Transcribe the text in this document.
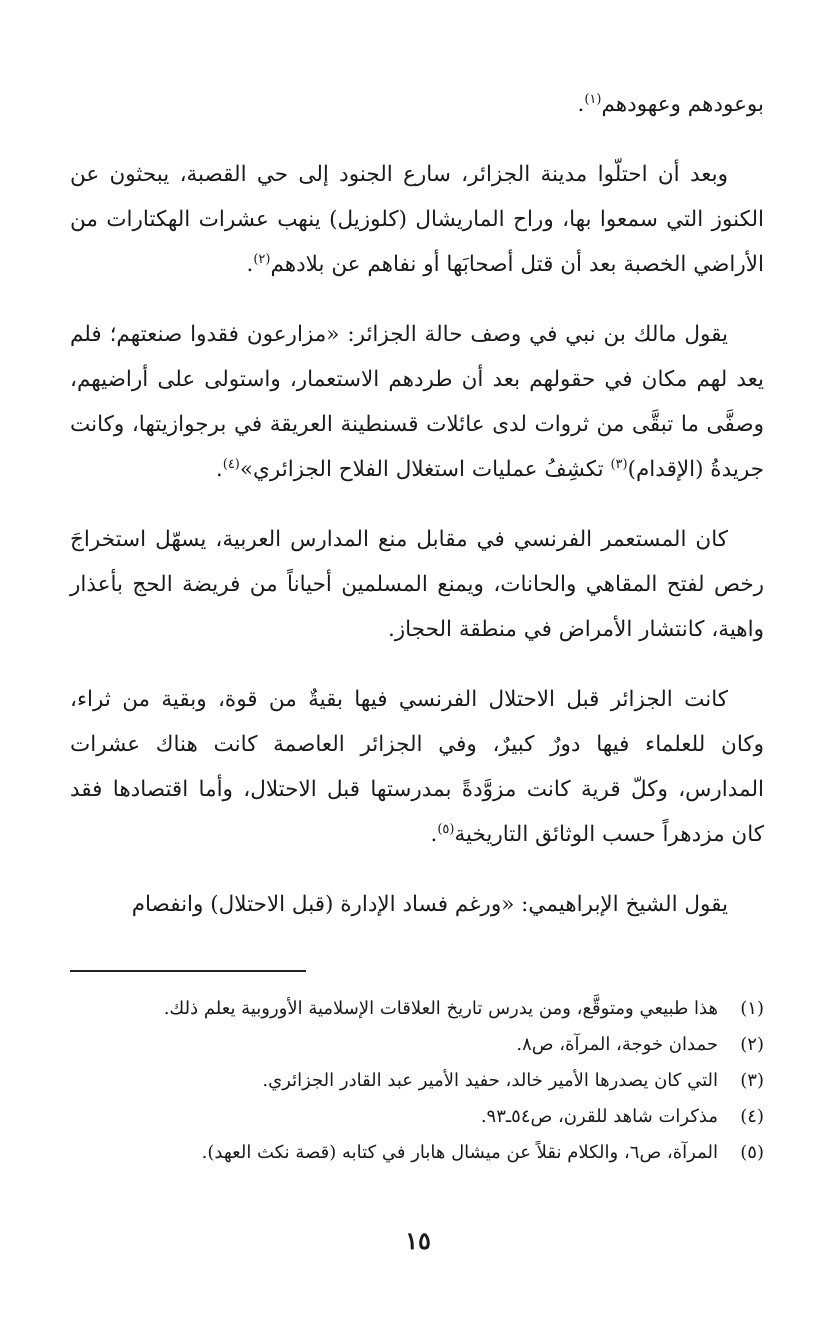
بوعودهم وعهودهم$^{(١)}$.

وبعد أن احتلّوا مدينة الجزائر، سارع الجنود إلى حي القصبة، يبحثون عن الكنوز التي سمعوا بها، وراح الماريشال (كلوزيل) ينهب عشرات الهكتارات من الأراضي الخصبة بعد أن قتل أصحابَها أو نفاهم عن بلادهم$^{(٢)}$.

يقول مالك بن نبي في وصف حالة الجزائر: «مزارعون فقدوا صنعتهم؛ فلم يعد لهم مكان في حقولهم بعد أن طردهم الاستعمار، واستولى على أراضيهم، وصفَّى ما تبقَّى من ثروات لدى عائلات قسنطينة العريقة في برجوازيتها، وكانت جريدةُ (الإقدام)$^{(٣)}$ تكشِفُ عمليات استغلال الفلاح الجزائري»$^{(٤)}$.

كان المستعمر الفرنسي في مقابل منع المدارس العربية، يسهّل استخراجَ رخص لفتح المقاهي والحانات، ويمنع المسلمين أحياناً من فريضة الحج بأعذار واهية، كانتشار الأمراض في منطقة الحجاز.

كانت الجزائر قبل الاحتلال الفرنسي فيها بقيةٌ من قوة، وبقية من ثراء، وكان للعلماء فيها دورٌ كبيرٌ، وفي الجزائر العاصمة كانت هناك عشرات المدارس، وكلّ قرية كانت مزوَّدةً بمدرستها قبل الاحتلال، وأما اقتصادها فقد كان مزدهراً حسب الوثائق التاريخية$^{(٥)}$.

يقول الشيخ الإبراهيمي: «ورغم فساد الإدارة (قبل الاحتلال) وانفصام

(١)
هذا طبيعي ومتوقَّع، ومن يدرس تاريخ العلاقات الإسلامية الأوروبية يعلم ذلك.
(٢)
حمدان خوجة، المرآة، ص٨.
(٣)
التي كان يصدرها الأمير خالد، حفيد الأمير عبد القادر الجزائري.
(٤)
مذكرات شاهد للقرن، ص٥٤ـ٩٣.
(٥)
المرآة، ص٦، والكلام نقلاً عن ميشال هابار في كتابه (قصة نكث العهد).
١٥
